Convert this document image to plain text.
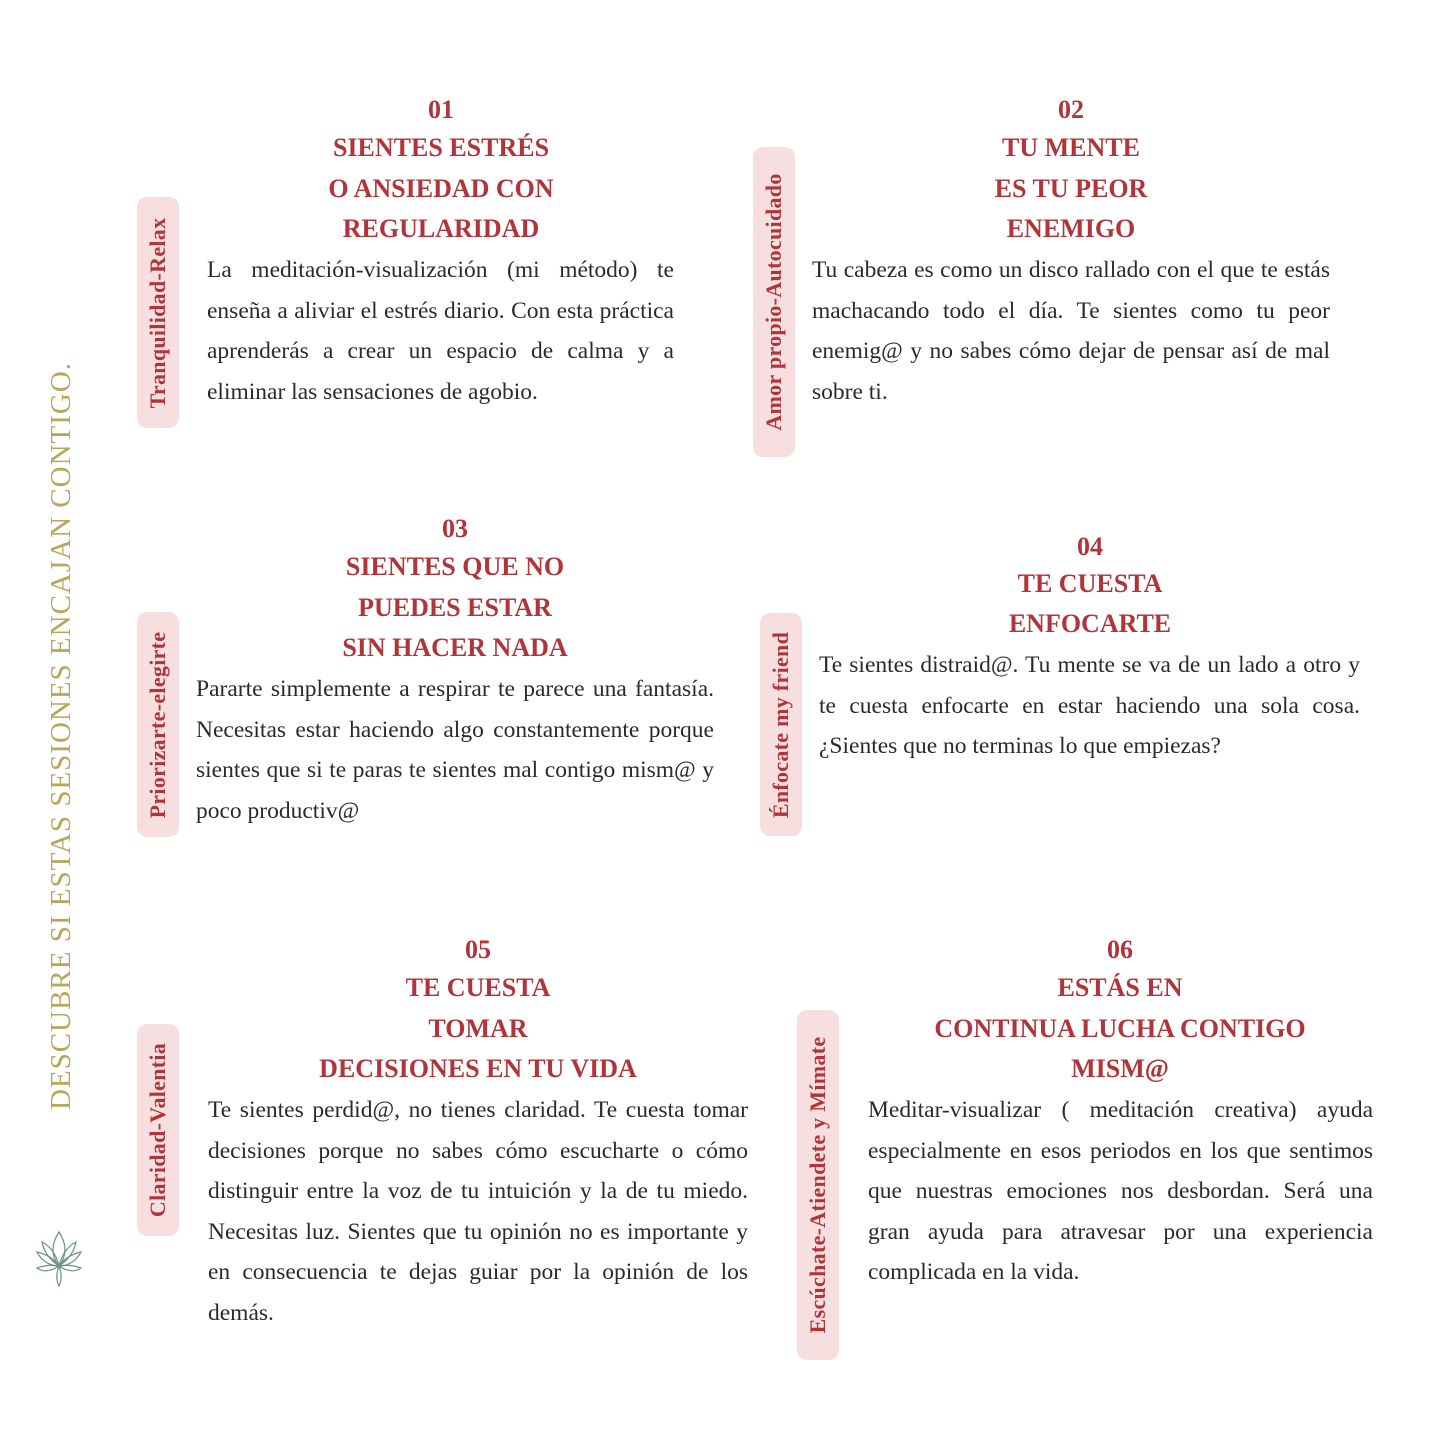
DESCUBRE SI ESTAS SESIONES ENCAJAN CONTIGO.
Tranquilidad-Relax
01
SIENTES ESTRÉS
O ANSIEDAD CON
REGULARIDAD
La meditación-visualización (mi método) te enseña a aliviar el estrés diario. Con esta práctica aprenderás a crear un espacio de calma y a eliminar las sensaciones de agobio.	Amor propio-Autocuidado
02
TU MENTE
ES TU PEOR
ENEMIGO
Tu cabeza es como un disco rallado con el que te estás machacando todo el día. Te sientes como tu peor enemig@ y no sabes cómo dejar de pensar así de mal sobre ti.
Priorizarte-elegirte
03
SIENTES QUE NO
PUEDES ESTAR
SIN HACER NADA
Pararte simplemente a respirar te parece una fantasía. Necesitas estar haciendo algo constantemente porque sientes que si te paras te sientes mal contigo mism@ y poco productiv@	Énfocate my friend
04
TE CUESTA
ENFOCARTE
Te sientes distraid@. Tu mente se va de un lado a otro y te cuesta enfocarte en estar haciendo una sola cosa. ¿Sientes que no terminas lo que empiezas?
Claridad-Valentia
05
TE CUESTA
TOMAR
DECISIONES EN TU VIDA
Te sientes perdid@, no tienes claridad. Te cuesta tomar decisiones porque no sabes cómo escucharte o cómo distinguir entre la voz de tu intuición y la de tu miedo. Necesitas luz. Sientes que tu opinión no es importante y en consecuencia te dejas guiar por la opinión de los demás.	Escúchate-Atiendete y Mímate
06
ESTÁS EN
CONTINUA LUCHA CONTIGO
MISM@
Meditar-visualizar ( meditación creativa) ayuda especialmente en esos periodos en los que sentimos que nuestras emociones nos desbordan. Será una gran ayuda para atravesar por una experiencia complicada en la vida.
